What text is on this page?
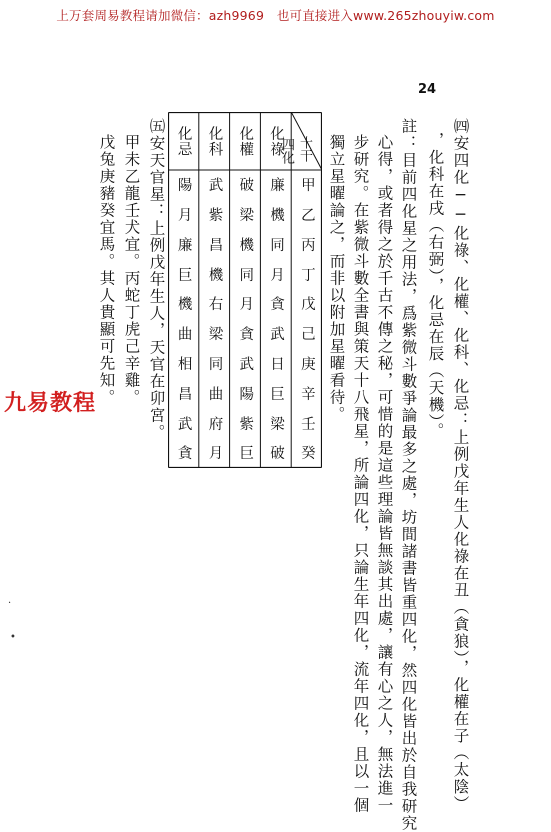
上万套周易教程请加微信：azh9969　也可直接进入www.265zhouyiw.com
24
㈣安四化──化祿、化權、化科、化忌：上例戊年生人化祿在丑（貪狼），化權在子（太陰）
，化科在戌（右弼），化忌在辰（天機）。
註：目前四化星之用法，爲紫微斗數爭論最多之處，坊間諸書皆重四化，然四化皆出於自我研究
心得，或者得之於千古不傳之秘，可惜的是這些理論皆無談其出處，讓有心之人，無法進一
步研究。在紫微斗數全書與策天十八飛星，所論四化，只論生年四化，流年四化，且以一個
獨立星曜論之，而非以附加星曜看待。
十干
四化
甲
乙
丙
丁
戊
己
庚
辛
壬
癸
化祿
廉
機
同
月
貪
武
日
巨
梁
破
化權
破
梁
機
同
月
貪
武
陽
紫
巨
化科
武
紫
昌
機
右
梁
同
曲
府
月
化忌
陽
月
廉
巨
機
曲
相
昌
武
貪
㈤安天官星：上例戊年生人，天官在卯宮。
甲未乙龍壬犬宜。丙蛇丁虎己辛雞。
戊兔庚豬癸宜馬。其人貴顯可先知。
九易教程
•
·
